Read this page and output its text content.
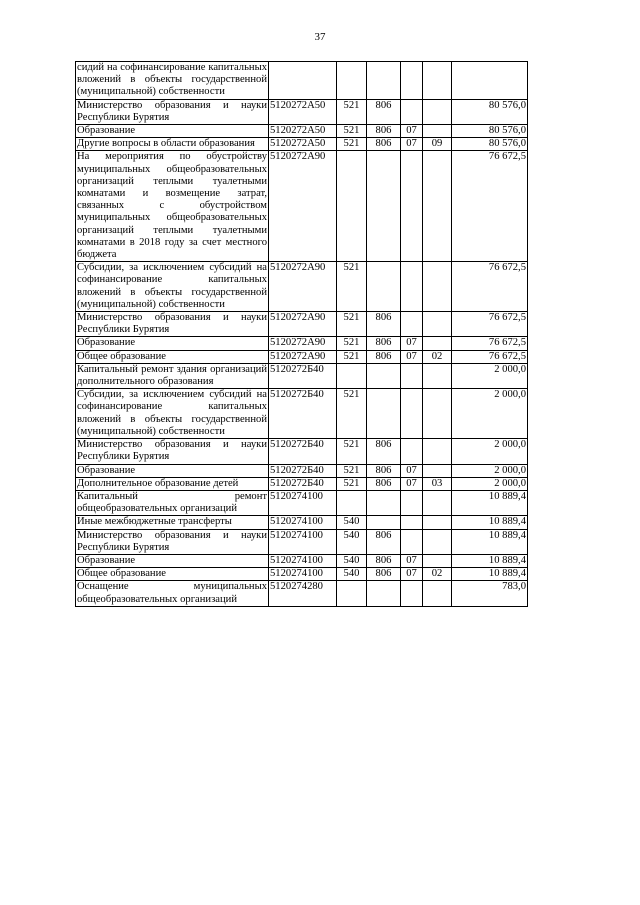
37
сидий на софинансирование капитальных вложений в объекты государственной (муниципальной) собственности						
Министерство образования и науки Республики Бурятия	5120272А50	521	806			80 576,0
Образование	5120272А50	521	806	07		80 576,0
Другие вопросы в области образования	5120272А50	521	806	07	09	80 576,0
На мероприятия по обустройству муниципальных общеобразовательных организаций теплыми туалетными комнатами и возмещение затрат, связанных с обустройством муниципальных общеобразовательных организаций теплыми туалетными комнатами в 2018 году за счет местного бюджета	5120272А90					76 672,5
Субсидии, за исключением субсидий на софинансирование капитальных вложений в объекты государственной (муниципальной) собственности	5120272А90	521				76 672,5
Министерство образования и науки Республики Бурятия	5120272А90	521	806			76 672,5
Образование	5120272А90	521	806	07		76 672,5
Общее образование	5120272А90	521	806	07	02	76 672,5
Капитальный ремонт здания организаций дополнительного образования	5120272Б40					2 000,0
Субсидии, за исключением субсидий на софинансирование капитальных вложений в объекты государственной (муниципальной) собственности	5120272Б40	521				2 000,0
Министерство образования и науки Республики Бурятия	5120272Б40	521	806			2 000,0
Образование	5120272Б40	521	806	07		2 000,0
Дополнительное образование детей	5120272Б40	521	806	07	03	2 000,0
Капитальный ремонт общеобразовательных организаций	5120274100					10 889,4
Иные межбюджетные трансферты	5120274100	540				10 889,4
Министерство образования и науки Республики Бурятия	5120274100	540	806			10 889,4
Образование	5120274100	540	806	07		10 889,4
Общее образование	5120274100	540	806	07	02	10 889,4
Оснащение муниципальных общеобразовательных организаций	5120274280					783,0
